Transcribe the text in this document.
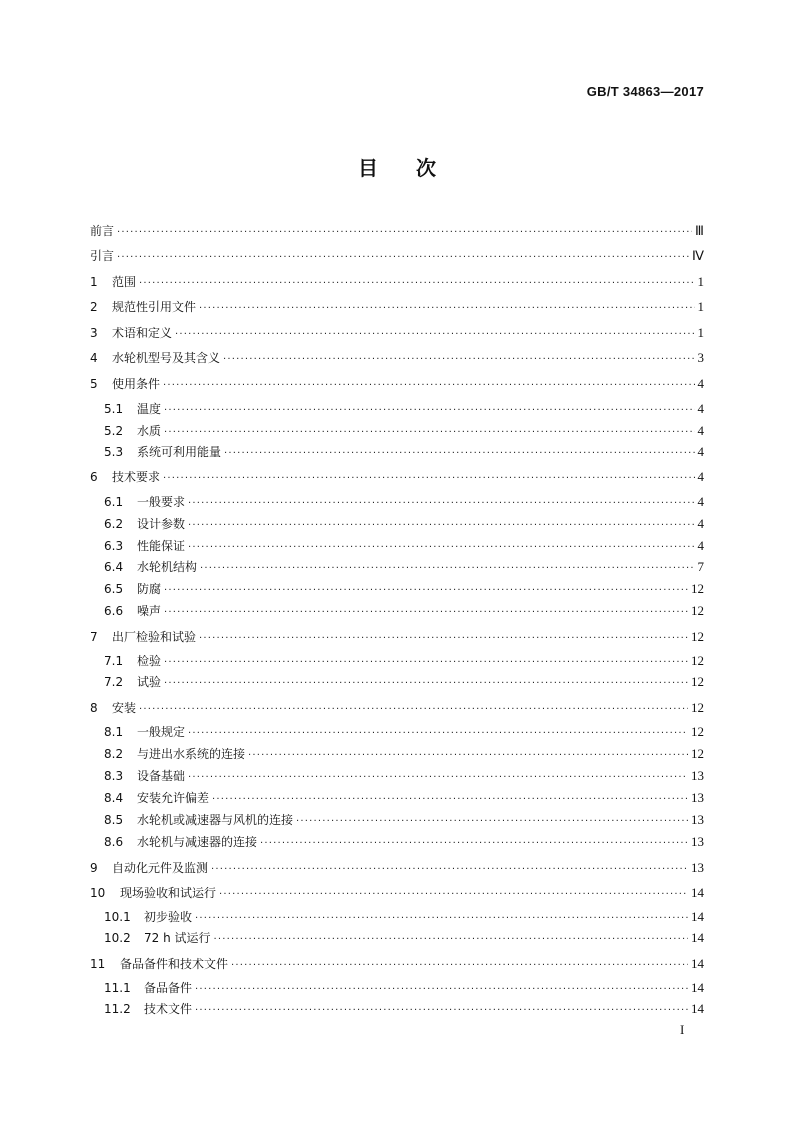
GB/T 34863—2017
目 次
前言 ·····	Ⅲ
引言 ·····	Ⅳ
1	范围 ·····	1
2	规范性引用文件 ·····	1
3	术语和定义 ·····	1
4	水轮机型号及其含义 ·····	3
5	使用条件 ·····	4
5.1	温度 ·····	4
5.2	水质 ·····	4
5.3	系统可利用能量 ·····	4
6	技术要求 ·····	4
6.1	一般要求 ·····	4
6.2	设计参数 ·····	4
6.3	性能保证 ·····	4
6.4	水轮机结构 ·····	7
6.5	防腐 ·····	12
6.6	噪声 ·····	12
7	出厂检验和试验 ·····	12
7.1	检验 ·····	12
7.2	试验 ·····	12
8	安装 ·····	12
8.1	一般规定 ·····	12
8.2	与进出水系统的连接 ·····	12
8.3	设备基础 ·····	13
8.4	安装允许偏差 ·····	13
8.5	水轮机或减速器与风机的连接 ·····	13
8.6	水轮机与减速器的连接 ·····	13
9	自动化元件及监测 ·····	13
10	现场验收和试运行 ·····	14
10.1	初步验收 ·····	14
10.2	72 h 试运行 ·····	14
11	备品备件和技术文件 ·····	14
11.1	备品备件 ·····	14
11.2	技术文件 ·····	14
I
